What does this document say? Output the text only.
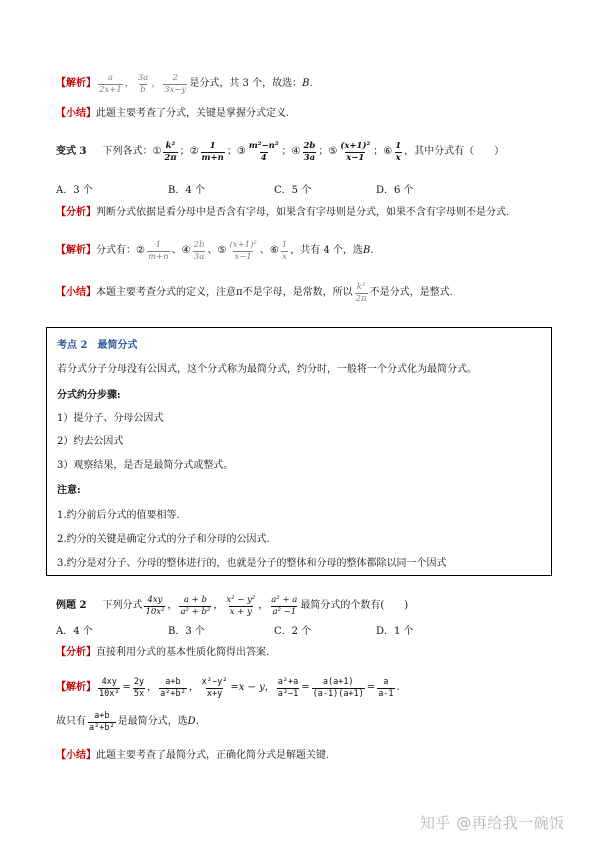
【解析】 $\frac{a}{2x+1}$ ， $\frac{3a}{b}$ ， $\frac{2}{3x-y}$ 是分式，共 3 个，故选： B .
【小结】 此题主要考查了分式，关键是掌握分式定义.
变式 3 下列各式： ① $\frac{\text{k²}}{2\pi}$ ； ② $\frac{1}{m+n}$ ； ③ $\frac{\text{m²−n²}}{4}$ ； ④ $\frac{2b}{3a}$ ； ⑤ $\frac{\text{(x+1)²}}{x-1}$ ； ⑥ $\frac{1}{x}$ ，其中分式有（　　）
A．3 个	B．4 个	C．5 个	D．6 个
【分析】 判断分式依据是看分母中是否含有字母，如果含有字母则是分式，如果不含有字母则不是分式.
【解析】 分式有： ② $\frac{1}{m+n}$ 、 ④ $\frac{2b}{3a}$ 、 ⑤ $\frac{\text{(x+1)²}}{x-1}$ 、 ⑥ $\frac{1}{x}$ ，共有 4 个，选 B .
【小结】 本题主要考查分式的定义，注意π不是字母，是常数，所以 $\frac{\text{k²}}{2\pi}$ 不是分式，是整式.
考点 2　最简分式
若分式分子分母没有公因式，这个分式称为最简分式，约分时，一般将一个分式化为最简分式。
分式约分步骤:
1）提分子、分母公因式
2）约去公因式
3）观察结果，是否是最简分式或整式。
注意:
1.约分前后分式的值要相等.
2.约分的关键是确定分式的分子和分母的公因式.
3.约分是对分子、分母的整体进行的，也就是分子的整体和分母的整体都除以同一个因式
例题 2 下列分式 $\frac{4xy}{\text{10x²}}$ ， $\frac{a + b}{\text{a² + b²}}$ ， $\frac{\text{x² − y²}}{x + y}$ ， $\frac{\text{a² + a}}{\text{a² −1}}$ 最简分式的个数有(　　)
A．4 个	B．3 个	C．2 个	D．1 个
【分析】 直接利用分式的基本性质化简得出答案.
【解析】 $\frac{4xy}{\text{10x²}} = \frac{2y}{5x}$ ， $\frac{a+b}{\text{a²+b²}}$ ， $\frac{\text{x²−y²}}{x+y} = x - y$ ， $\frac{\text{a²+a}}{\text{a²−1}} = \frac{a(a+1)}{(a-1)(a+1)} = \frac{a}{a-1}$ .
故只有 $\frac{a+b}{\text{a²+b²}}$ 是最简分式，选 D .
【小结】 此题主要考查了最简分式，正确化简分式是解题关键.
知乎 @再给我一碗饭
